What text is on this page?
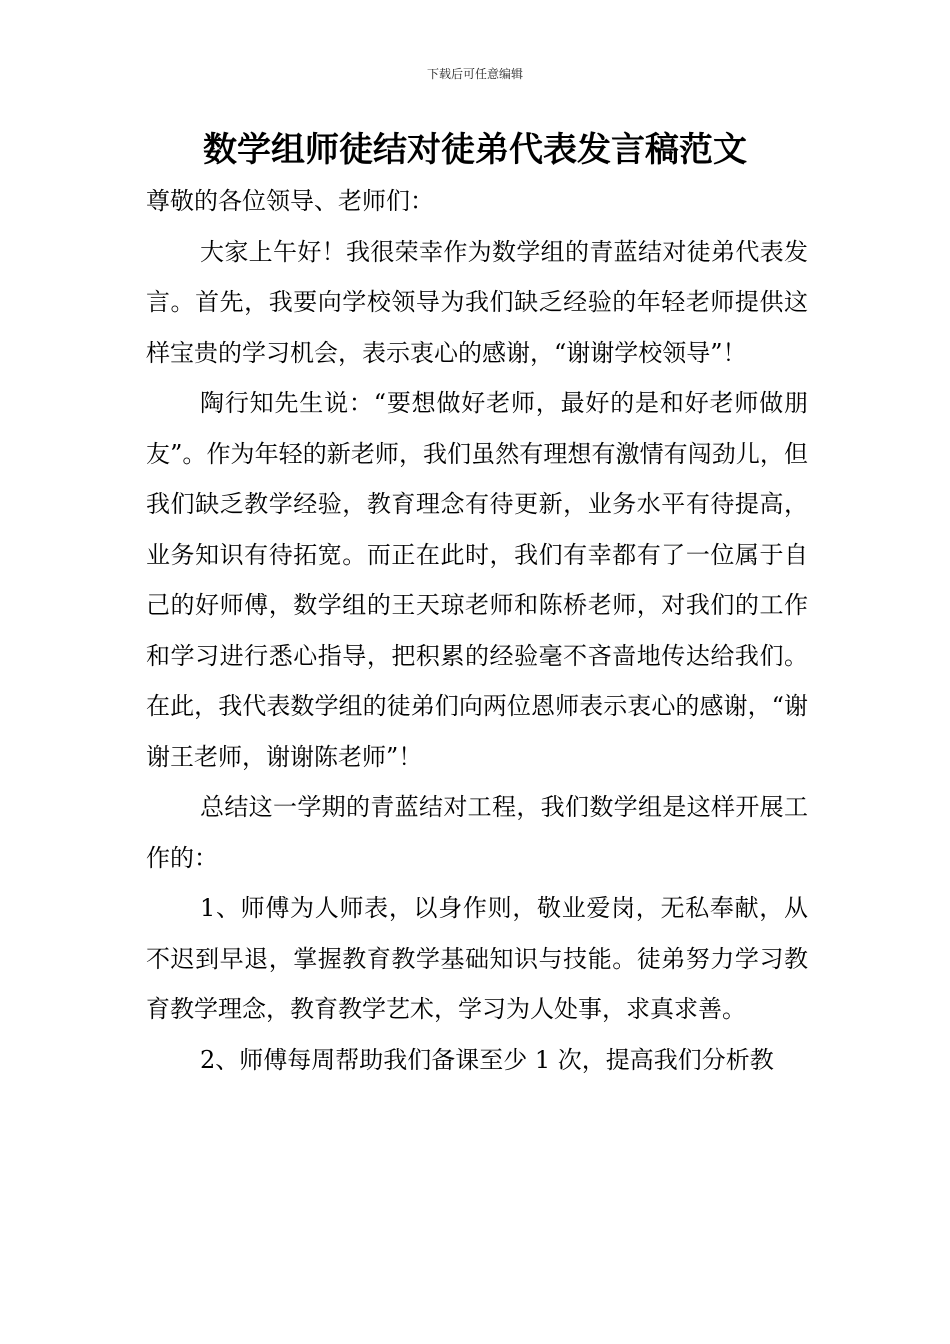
下载后可任意编辑
数学组师徒结对徒弟代表发言稿范文

尊敬的各位领导、老师们：

大家上午好！我很荣幸作为数学组的青蓝结对徒弟代表发言。首先，我要向学校领导为我们缺乏经验的年轻老师提供这样宝贵的学习机会，表示衷心的感谢，“谢谢学校领导”！

陶行知先生说：“要想做好老师，最好的是和好老师做朋友”。作为年轻的新老师，我们虽然有理想有激情有闯劲儿，但我们缺乏教学经验，教育理念有待更新，业务水平有待提高，业务知识有待拓宽。而正在此时，我们有幸都有了一位属于自己的好师傅，数学组的王天琼老师和陈桥老师，对我们的工作和学习进行悉心指导，把积累的经验毫不吝啬地传达给我们。在此，我代表数学组的徒弟们向两位恩师表示衷心的感谢，“谢谢王老师，谢谢陈老师”！

总结这一学期的青蓝结对工程，我们数学组是这样开展工作的：

1、师傅为人师表，以身作则，敬业爱岗，无私奉献，从不迟到早退，掌握教育教学基础知识与技能。徒弟努力学习教育教学理念，教育教学艺术，学习为人处事，求真求善。

2、师傅每周帮助我们备课至少 1 次，提高我们分析教
